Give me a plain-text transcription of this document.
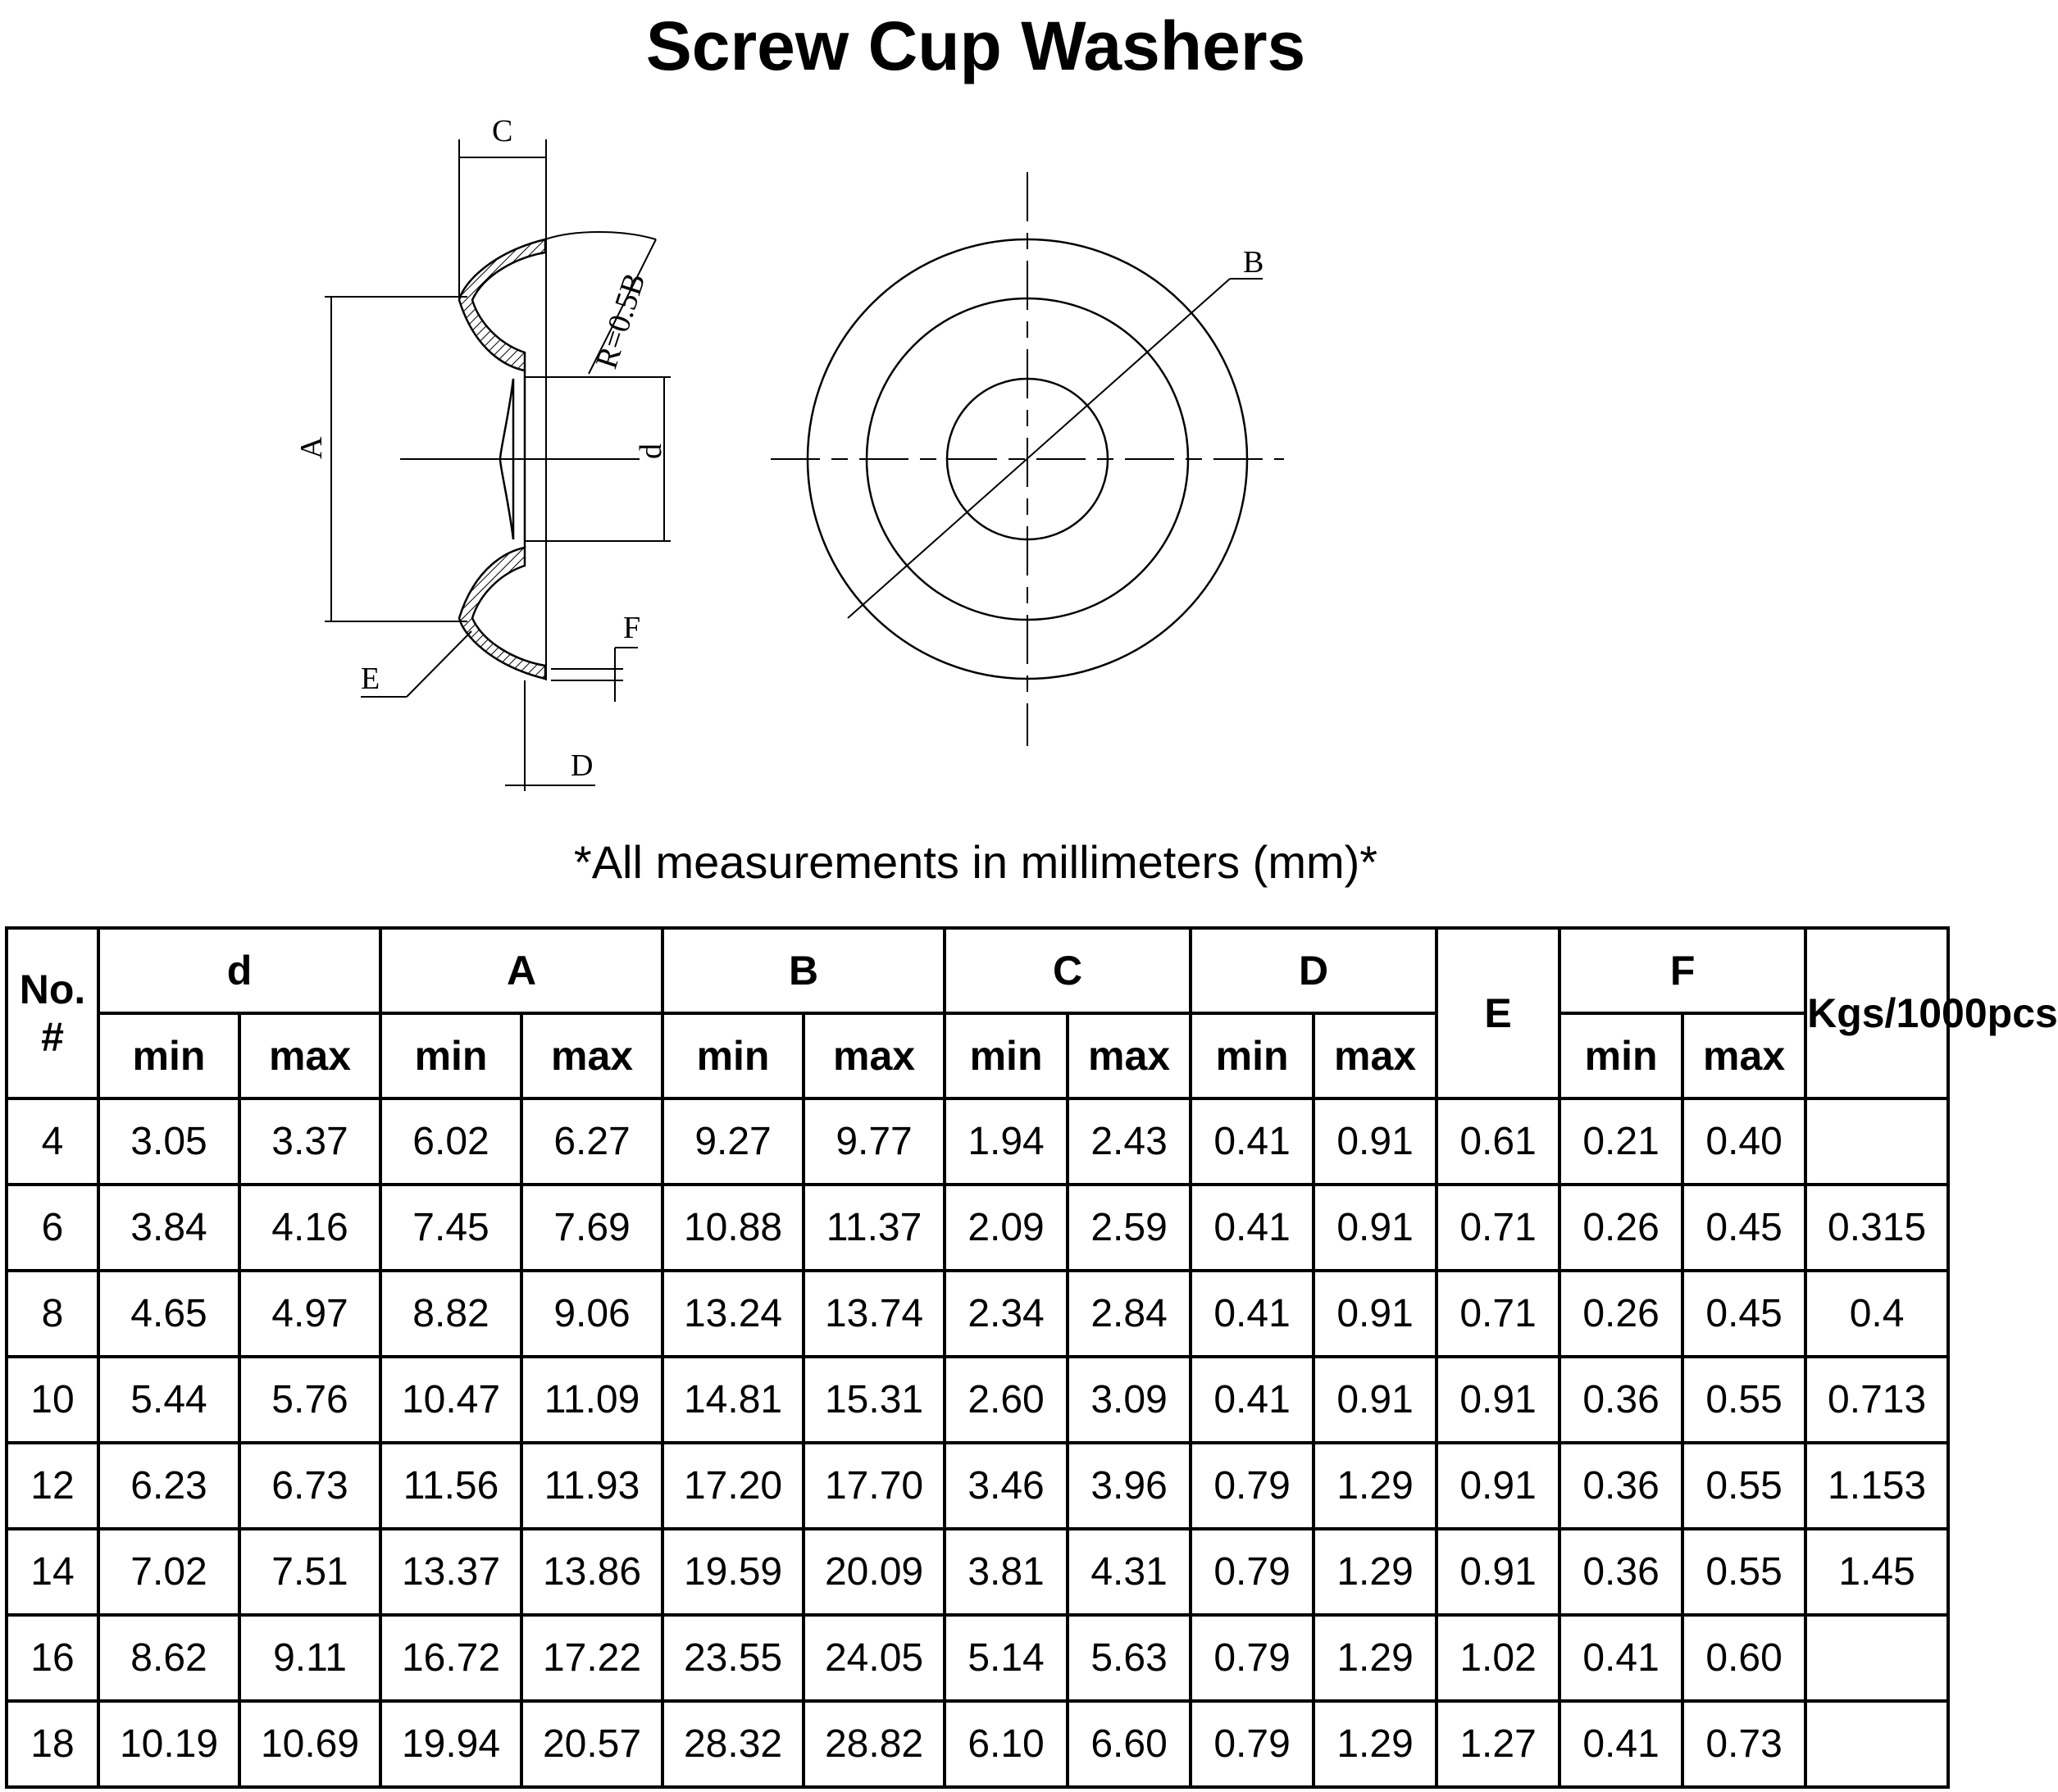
Screw Cup Washers
C
R=0.5B
A	d
F
E
D
B
*All measurements in millimeters (mm)*
No. #	d		A		B		C		D		E	F		Kgs/1000pcs
	min	max	min	max	min	max	min	max	min	max		min	max	
4	3.05	3.37	6.02	6.27	9.27	9.77	1.94	2.43	0.41	0.91	0.61	0.21	0.40	
6	3.84	4.16	7.45	7.69	10.88	11.37	2.09	2.59	0.41	0.91	0.71	0.26	0.45	0.315
8	4.65	4.97	8.82	9.06	13.24	13.74	2.34	2.84	0.41	0.91	0.71	0.26	0.45	0.4
10	5.44	5.76	10.47	11.09	14.81	15.31	2.60	3.09	0.41	0.91	0.91	0.36	0.55	0.713
12	6.23	6.73	11.56	11.93	17.20	17.70	3.46	3.96	0.79	1.29	0.91	0.36	0.55	1.153
14	7.02	7.51	13.37	13.86	19.59	20.09	3.81	4.31	0.79	1.29	0.91	0.36	0.55	1.45
16	8.62	9.11	16.72	17.22	23.55	24.05	5.14	5.63	0.79	1.29	1.02	0.41	0.60	
18	10.19	10.69	19.94	20.57	28.32	28.82	6.10	6.60	0.79	1.29	1.27	0.41	0.73	
